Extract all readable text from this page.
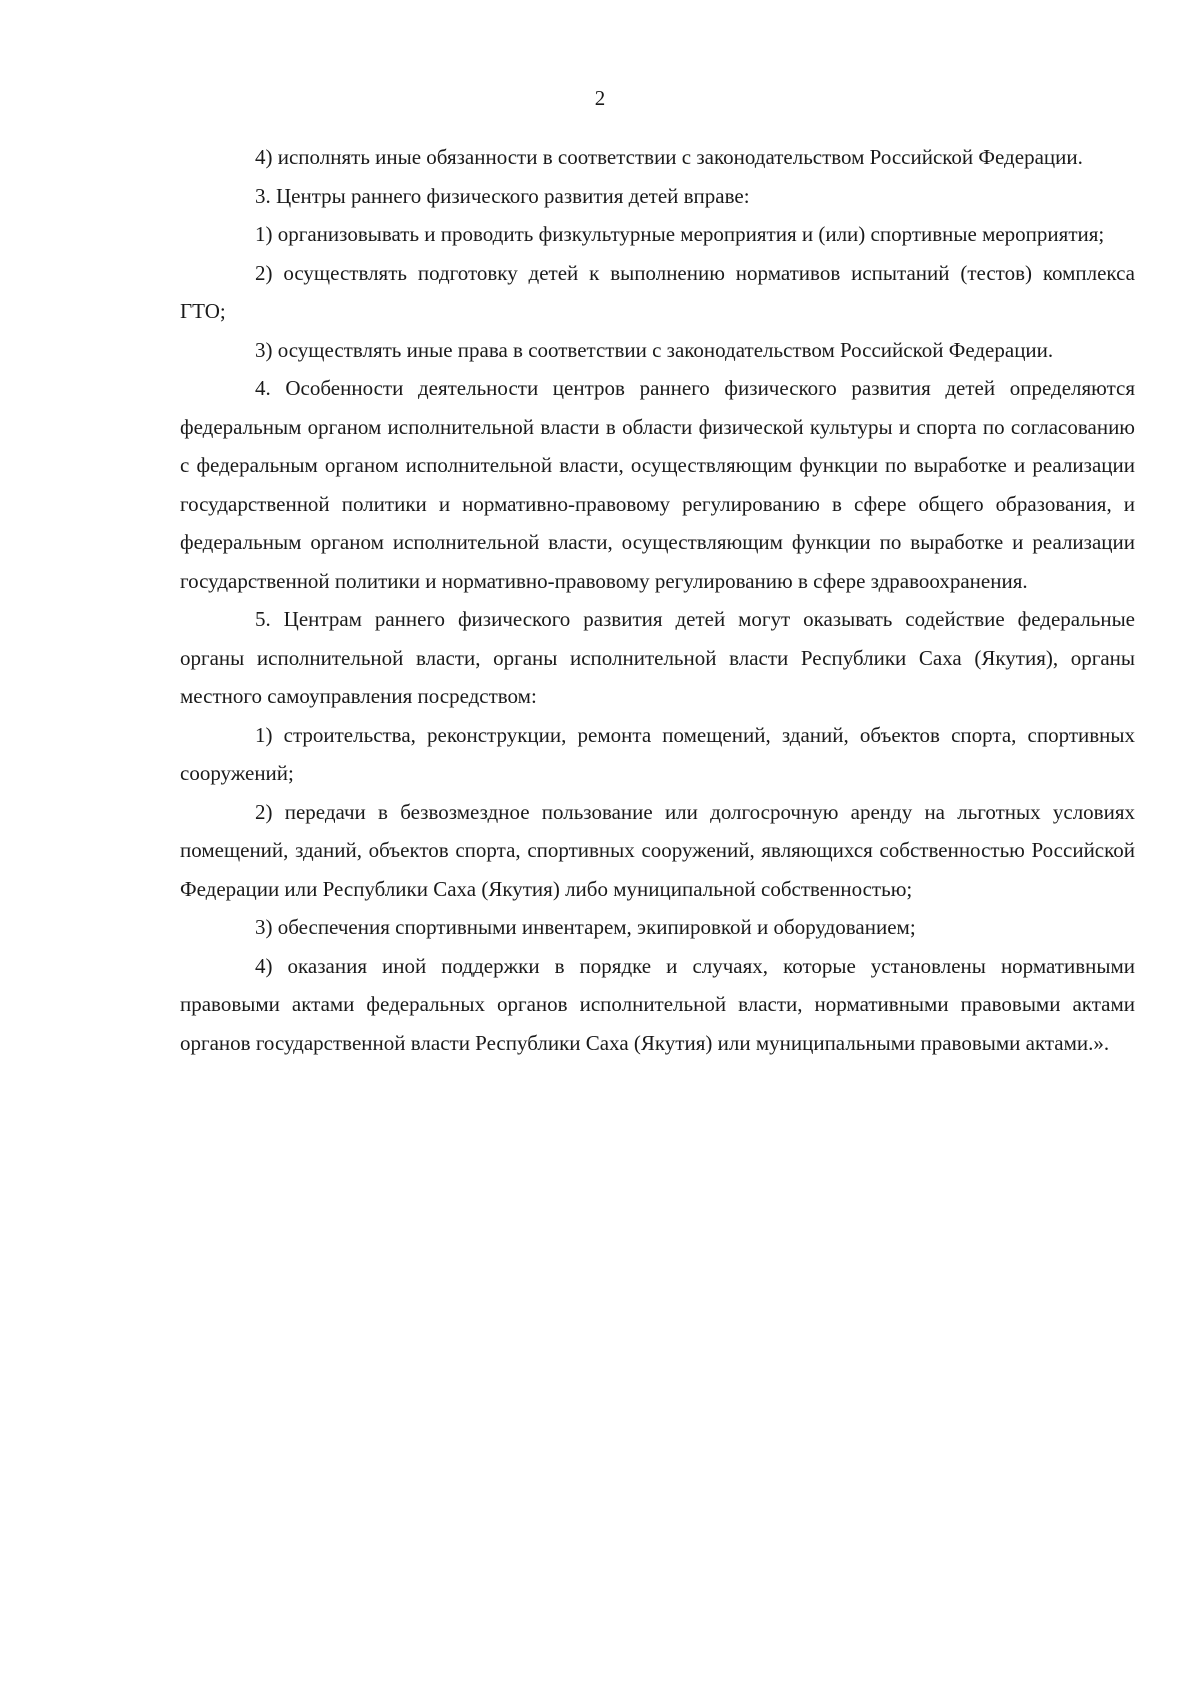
2

4) исполнять иные обязанности в соответствии с законодательством Российской Федерации.

3. Центры раннего физического развития детей вправе:

1) организовывать и проводить физкультурные мероприятия и (или) спортивные мероприятия;

2) осуществлять подготовку детей к выполнению нормативов испытаний (тестов) комплекса ГТО;

3) осуществлять иные права в соответствии с законодательством Российской Федерации.

4. Особенности деятельности центров раннего физического развития детей определяются федеральным органом исполнительной власти в области физической культуры и спорта по согласованию с федеральным органом исполнительной власти, осуществляющим функции по выработке и реализации государственной политики и нормативно-правовому регулированию в сфере общего образования, и федеральным органом исполнительной власти, осуществляющим функции по выработке и реализации государственной политики и нормативно-правовому регулированию в сфере здравоохранения.

5. Центрам раннего физического развития детей могут оказывать содействие федеральные органы исполнительной власти, органы исполнительной власти Республики Саха (Якутия), органы местного самоуправления посредством:

1) строительства, реконструкции, ремонта помещений, зданий, объектов спорта, спортивных сооружений;

2) передачи в безвозмездное пользование или долгосрочную аренду на льготных условиях помещений, зданий, объектов спорта, спортивных сооружений, являющихся собственностью Российской Федерации или Республики Саха (Якутия) либо муниципальной собственностью;

3) обеспечения спортивными инвентарем, экипировкой и оборудованием;

4) оказания иной поддержки в порядке и случаях, которые установлены нормативными правовыми актами федеральных органов исполнительной власти, нормативными правовыми актами органов государственной власти Республики Саха (Якутия) или муниципальными правовыми актами.».
